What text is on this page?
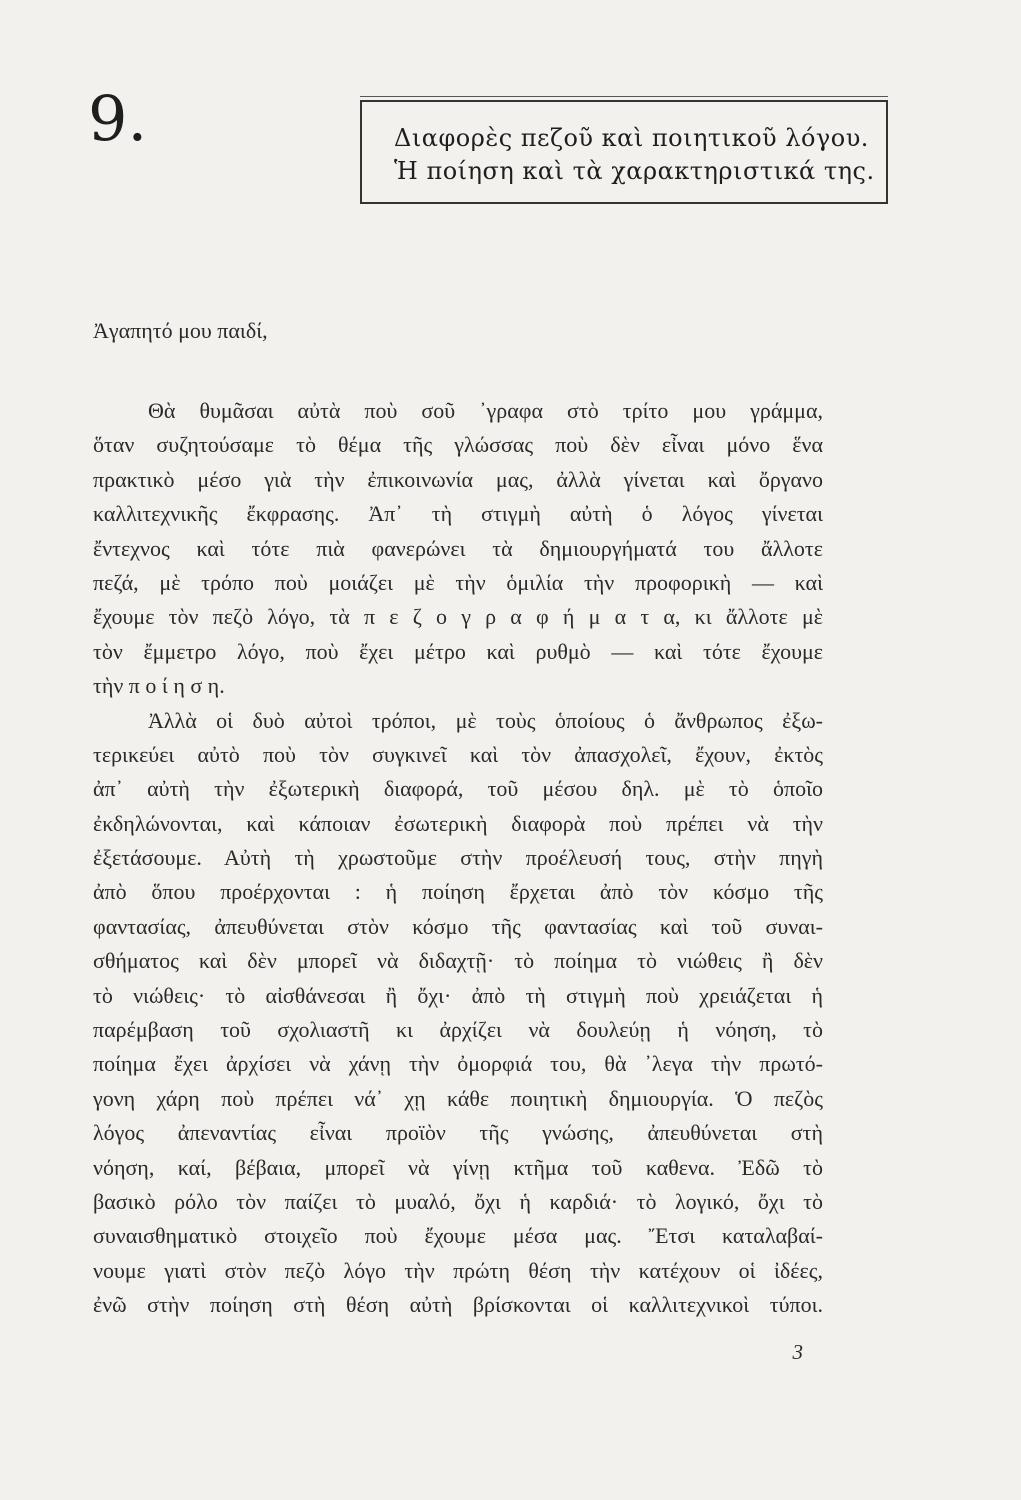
9.	Διαφορὲς πεζοῦ καὶ ποιητικοῦ λόγου.
Ἡ ποίηση καὶ τὰ χαρακτηριστικά της.
Ἀγαπητό μου παιδί,
Θὰ θυμᾶσαι αὐτὰ ποὺ σοῦ ᾽γραφα στὸ τρίτο μου γράμμα,
ὅταν συζητούσαμε τὸ θέμα τῆς γλώσσας ποὺ δὲν εἶναι μόνο ἕνα
πρακτικὸ μέσο γιὰ τὴν ἐπικοινωνία μας, ἀλλὰ γίνεται καὶ ὄργανο
καλλιτεχνικῆς ἔκφρασης. Ἀπ᾽ τὴ στιγμὴ αὐτὴ ὁ λόγος γίνεται
ἔντεχνος καὶ τότε πιὰ φανερώνει τὰ δημιουργήματά του ἄλλοτε
πεζά, μὲ τρόπο ποὺ μοιάζει μὲ τὴν ὁμιλία τὴν προφορικὴ — καὶ
ἔχουμε τὸν πεζὸ λόγο, τὰ π ε ζ ο γ ρ α φ ή μ α τ α, κι ἄλλοτε μὲ
τὸν ἔμμετρο λόγο, ποὺ ἔχει μέτρο καὶ ρυθμὸ — καὶ τότε ἔχουμε
τὴν π ο ί η σ η.
Ἀλλὰ οἱ δυὸ αὐτοὶ τρόποι, μὲ τοὺς ὁποίους ὁ ἄνθρωπος ἐξω-
τερικεύει αὐτὸ ποὺ τὸν συγκινεῖ καὶ τὸν ἀπασχολεῖ, ἔχουν, ἐκτὸς
ἀπ᾽ αὐτὴ τὴν ἐξωτερικὴ διαφορά, τοῦ μέσου δηλ. μὲ τὸ ὁποῖο
ἐκδηλώνονται, καὶ κάποιαν ἐσωτερικὴ διαφορὰ ποὺ πρέπει νὰ τὴν
ἐξετάσουμε. Αὐτὴ τὴ χρωστοῦμε στὴν προέλευσή τους, στὴν πηγὴ
ἀπὸ ὅπου προέρχονται : ἡ ποίηση ἔρχεται ἀπὸ τὸν κόσμο τῆς
φαντασίας, ἀπευθύνεται στὸν κόσμο τῆς φαντασίας καὶ τοῦ συναι-
σθήματος καὶ δὲν μπορεῖ νὰ διδαχτῇ· τὸ ποίημα τὸ νιώθεις ἢ δὲν
τὸ νιώθεις· τὸ αἰσθάνεσαι ἢ ὄχι· ἀπὸ τὴ στιγμὴ ποὺ χρειάζεται ἡ
παρέμβαση τοῦ σχολιαστῆ κι ἀρχίζει νὰ δουλεύῃ ἡ νόηση, τὸ
ποίημα ἔχει ἀρχίσει νὰ χάνῃ τὴν ὀμορφιά του, θὰ ᾽λεγα τὴν πρωτό-
γονη χάρη ποὺ πρέπει νά᾽ χῃ κάθε ποιητικὴ δημιουργία. Ὁ πεζὸς
λόγος ἀπεναντίας εἶναι προϊὸν τῆς γνώσης, ἀπευθύνεται στὴ
νόηση, καί, βέβαια, μπορεῖ νὰ γίνῃ κτῆμα τοῦ καθενα. Ἐδῶ τὸ
βασικὸ ρόλο τὸν παίζει τὸ μυαλό, ὄχι ἡ καρδιά· τὸ λογικό, ὄχι τὸ
συναισθηματικὸ στοιχεῖο ποὺ ἔχουμε μέσα μας. Ἔτσι καταλαβαί-
νουμε γιατὶ στὸν πεζὸ λόγο τὴν πρώτη θέση τὴν κατέχουν οἱ ἰδέες,
ἐνῶ στὴν ποίηση στὴ θέση αὐτὴ βρίσκονται οἱ καλλιτεχνικοὶ τύποι.
3
